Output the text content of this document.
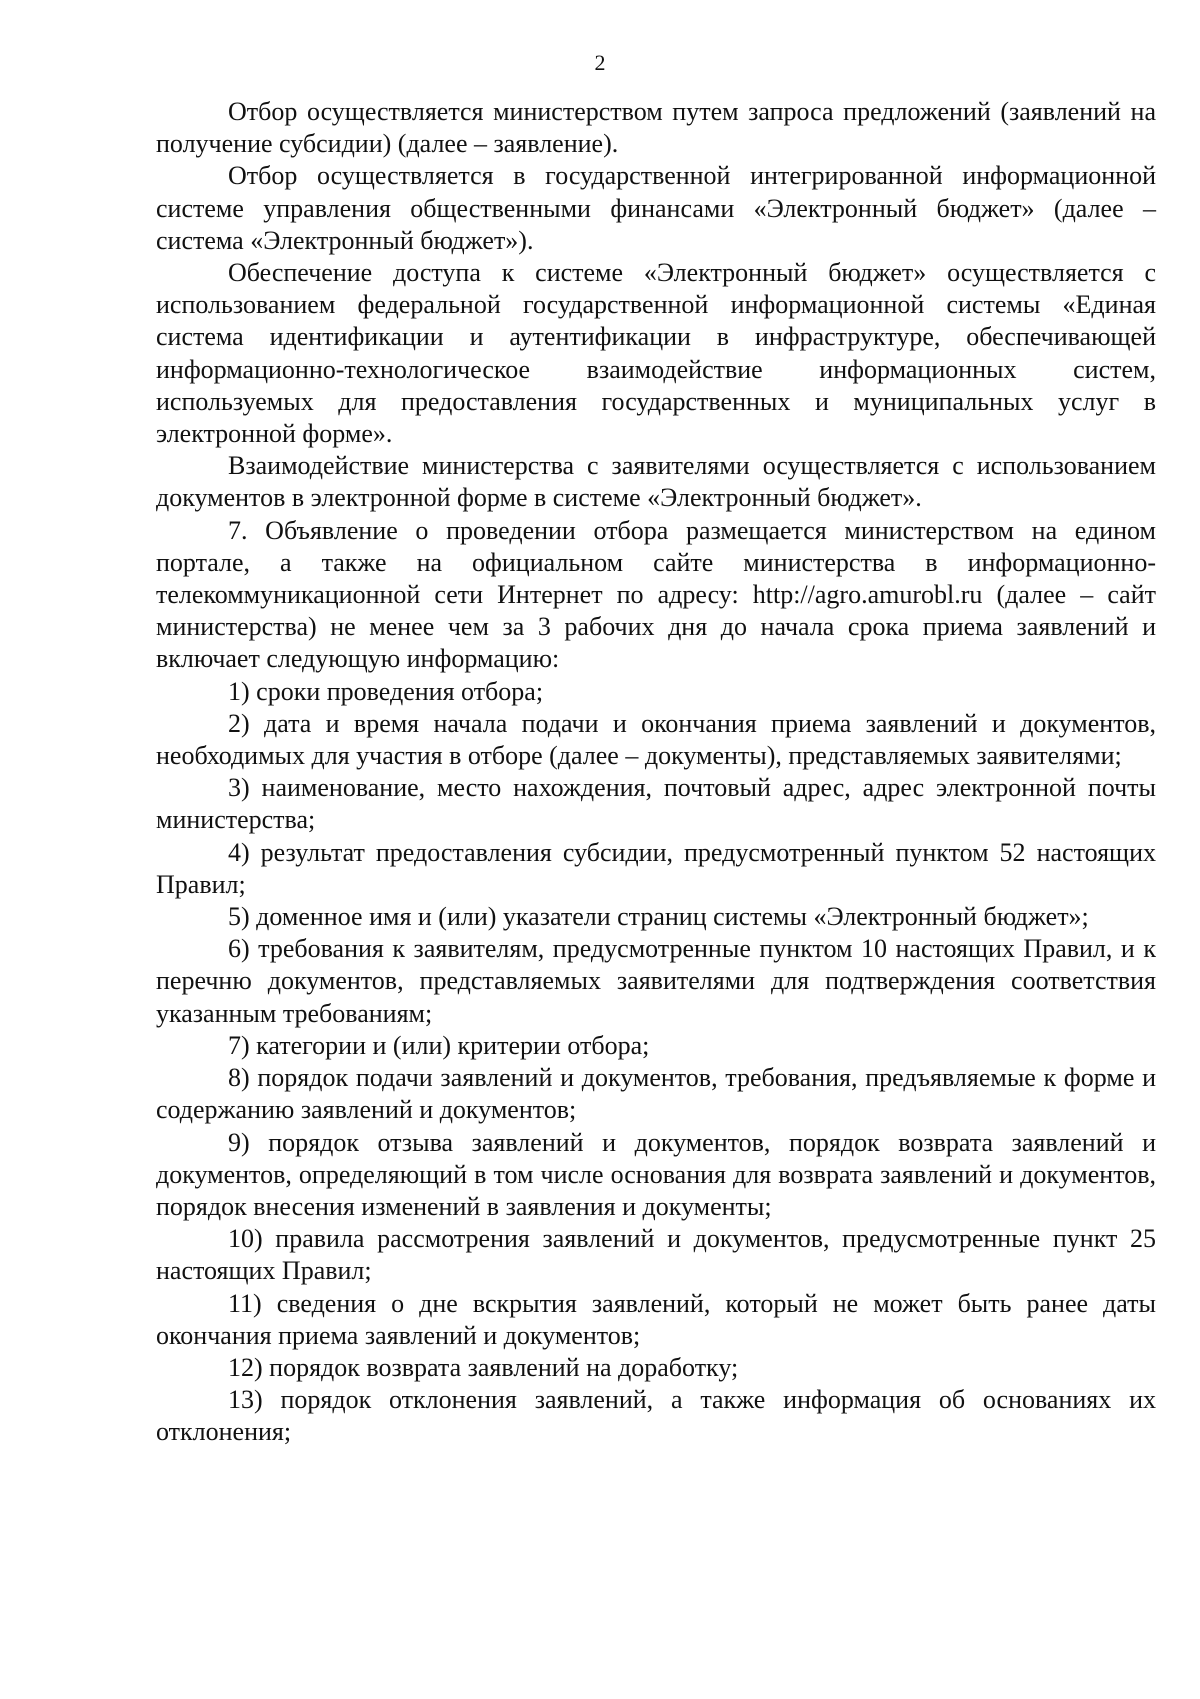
2

Отбор осуществляется министерством путем запроса предложений (заявлений на получение субсидии) (далее – заявление).

Отбор осуществляется в государственной интегрированной информационной системе управления общественными финансами «Электронный бюджет» (далее – система «Электронный бюджет»).

Обеспечение доступа к системе «Электронный бюджет» осуществляется с использованием федеральной государственной информационной системы «Единая система идентификации и аутентификации в инфраструктуре, обеспечивающей информационно-технологическое взаимодействие информационных систем, используемых для предоставления государственных и муниципальных услуг в электронной форме».

Взаимодействие министерства с заявителями осуществляется с использованием документов в электронной форме в системе «Электронный бюджет».

7. Объявление о проведении отбора размещается министерством на едином портале, а также на официальном сайте министерства в информационно-телекоммуникационной сети Интернет по адресу: http://agro.amurobl.ru (далее – сайт министерства) не менее чем за 3 рабочих дня до начала срока приема заявлений и включает следующую информацию:

1) сроки проведения отбора;

2) дата и время начала подачи и окончания приема заявлений и документов, необходимых для участия в отборе (далее – документы), представляемых заявителями;

3) наименование, место нахождения, почтовый адрес, адрес электронной почты министерства;

4) результат предоставления субсидии, предусмотренный пунктом 52 настоящих Правил;

5) доменное имя и (или) указатели страниц системы «Электронный бюджет»;

6) требования к заявителям, предусмотренные пунктом 10 настоящих Правил, и к перечню документов, представляемых заявителями для подтверждения соответствия указанным требованиям;

7) категории и (или) критерии отбора;

8) порядок подачи заявлений и документов, требования, предъявляемые к форме и содержанию заявлений и документов;

9) порядок отзыва заявлений и документов, порядок возврата заявлений и документов, определяющий в том числе основания для возврата заявлений и документов, порядок внесения изменений в заявления и документы;

10) правила рассмотрения заявлений и документов, предусмотренные пункт 25 настоящих Правил;

11) сведения о дне вскрытия заявлений, который не может быть ранее даты окончания приема заявлений и документов;

12) порядок возврата заявлений на доработку;

13) порядок отклонения заявлений, а также информация об основаниях их отклонения;
